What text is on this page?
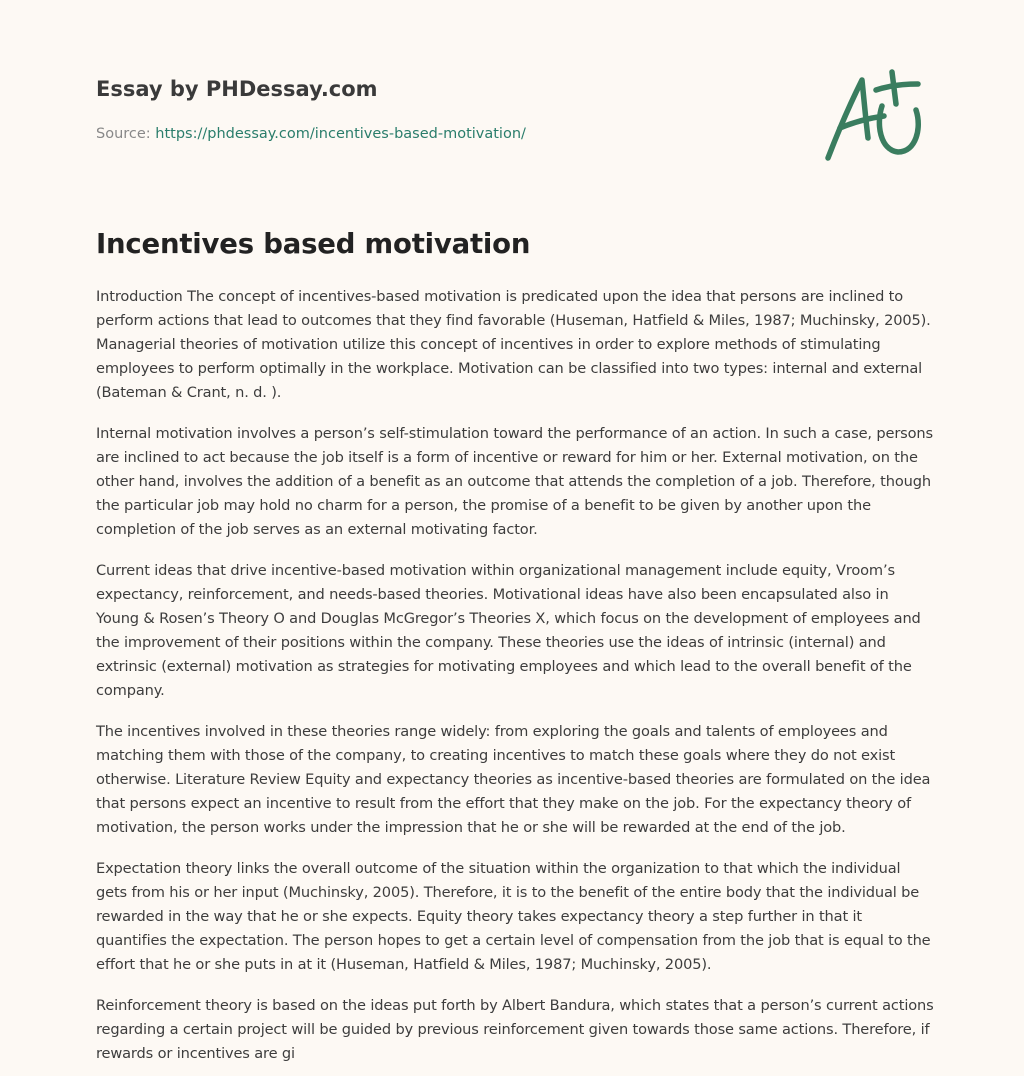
Essay by PHDessay.com
Source: https://phdessay.com/incentives-based-motivation/
Incentives based motivation

Introduction The concept of incentives-based motivation is predicated upon the idea that persons are inclined to perform actions that lead to outcomes that they find favorable (Huseman, Hatfield & Miles, 1987; Muchinsky, 2005). Managerial theories of motivation utilize this concept of incentives in order to explore methods of stimulating employees to perform optimally in the workplace. Motivation can be classified into two types: internal and external (Bateman & Crant, n. d. ).

Internal motivation involves a person’s self-stimulation toward the performance of an action. In such a case, persons are inclined to act because the job itself is a form of incentive or reward for him or her. External motivation, on the other hand, involves the addition of a benefit as an outcome that attends the completion of a job. Therefore, though the particular job may hold no charm for a person, the promise of a benefit to be given by another upon the completion of the job serves as an external motivating factor.

Current ideas that drive incentive-based motivation within organizational management include equity, Vroom’s expectancy, reinforcement, and needs-based theories. Motivational ideas have also been encapsulated also in Young & Rosen’s Theory O and Douglas McGregor’s Theories X, which focus on the development of employees and the improvement of their positions within the company. These theories use the ideas of intrinsic (internal) and extrinsic (external) motivation as strategies for motivating employees and which lead to the overall benefit of the company.

The incentives involved in these theories range widely: from exploring the goals and talents of employees and matching them with those of the company, to creating incentives to match these goals where they do not exist otherwise. Literature Review Equity and expectancy theories as incentive-based theories are formulated on the idea that persons expect an incentive to result from the effort that they make on the job. For the expectancy theory of motivation, the person works under the impression that he or she will be rewarded at the end of the job.

Expectation theory links the overall outcome of the situation within the organization to that which the individual gets from his or her input (Muchinsky, 2005). Therefore, it is to the benefit of the entire body that the individual be rewarded in the way that he or she expects. Equity theory takes expectancy theory a step further in that it quantifies the expectation. The person hopes to get a certain level of compensation from the job that is equal to the effort that he or she puts in at it (Huseman, Hatfield & Miles, 1987; Muchinsky, 2005).

Reinforcement theory is based on the ideas put forth by Albert Bandura, which states that a person’s current actions regarding a certain project will be guided by previous reinforcement given towards those same actions. Therefore, if rewards or incentives are gi
